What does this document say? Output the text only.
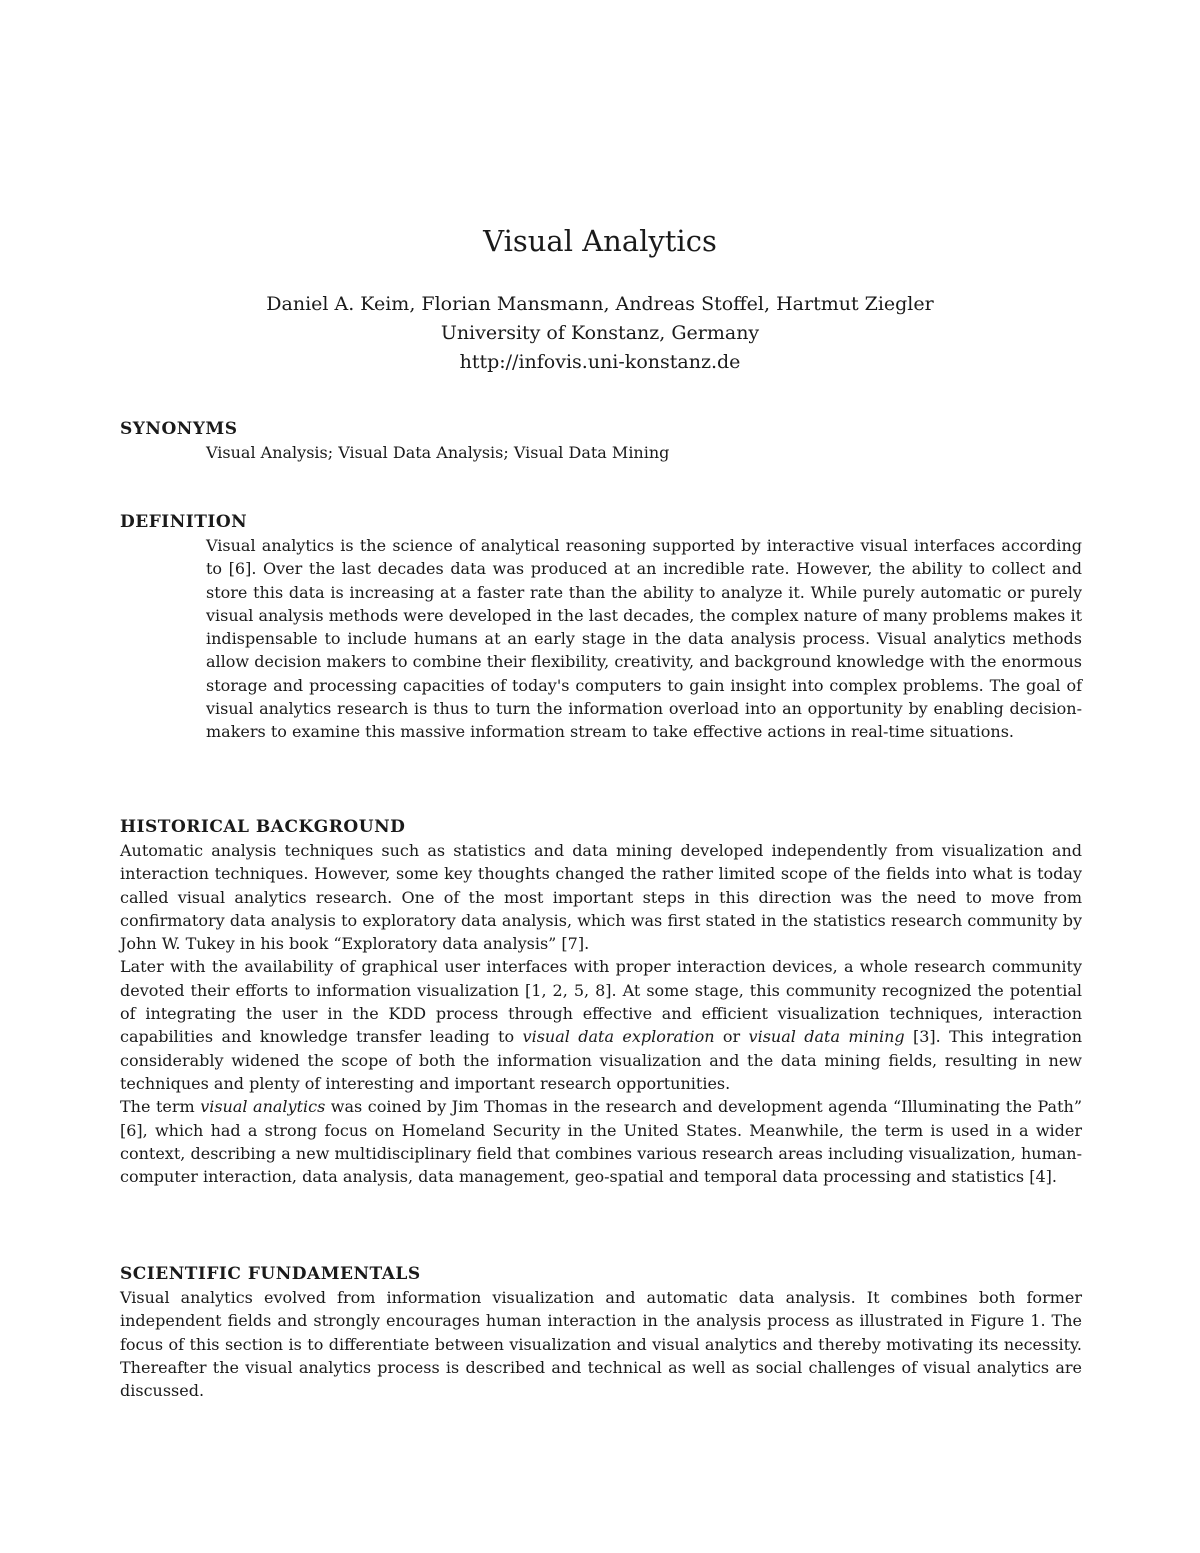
Visual Analytics
Daniel A. Keim, Florian Mansmann, Andreas Stoffel, Hartmut Ziegler
University of Konstanz, Germany
http://infovis.uni-konstanz.de
SYNONYMS
Visual Analysis; Visual Data Analysis; Visual Data Mining
DEFINITION
Visual analytics is the science of analytical reasoning supported by interactive visual interfaces according to [6]. Over the last decades data was produced at an incredible rate. However, the ability to collect and store this data is increasing at a faster rate than the ability to analyze it. While purely automatic or purely visual analysis methods were developed in the last decades, the complex nature of many problems makes it indispensable to include humans at an early stage in the data analysis process. Visual analytics methods allow decision makers to combine their flexibility, creativity, and background knowledge with the enormous storage and processing capacities of today's computers to gain insight into complex problems. The goal of visual analytics research is thus to turn the information overload into an opportunity by enabling decision-makers to examine this massive information stream to take effective actions in real-time situations.
HISTORICAL BACKGROUND

Automatic analysis techniques such as statistics and data mining developed independently from visualization and interaction techniques. However, some key thoughts changed the rather limited scope of the fields into what is today called visual analytics research. One of the most important steps in this direction was the need to move from confirmatory data analysis to exploratory data analysis, which was first stated in the statistics research community by John W. Tukey in his book “Exploratory data analysis” [7].

Later with the availability of graphical user interfaces with proper interaction devices, a whole research community devoted their efforts to information visualization [1, 2, 5, 8]. At some stage, this community recognized the potential of integrating the user in the KDD process through effective and efficient visualization techniques, interaction capabilities and knowledge transfer leading to visual data exploration or visual data mining [3]. This integration considerably widened the scope of both the information visualization and the data mining fields, resulting in new techniques and plenty of interesting and important research opportunities.

The term visual analytics was coined by Jim Thomas in the research and development agenda “Illuminating the Path” [6], which had a strong focus on Homeland Security in the United States. Meanwhile, the term is used in a wider context, describing a new multidisciplinary field that combines various research areas including visualization, human-computer interaction, data analysis, data management, geo-spatial and temporal data processing and statistics [4].

SCIENTIFIC FUNDAMENTALS
Visual analytics evolved from information visualization and automatic data analysis. It combines both former independent fields and strongly encourages human interaction in the analysis process as illustrated in Figure 1. The focus of this section is to differentiate between visualization and visual analytics and thereby motivating its necessity. Thereafter the visual analytics process is described and technical as well as social challenges of visual analytics are discussed.
